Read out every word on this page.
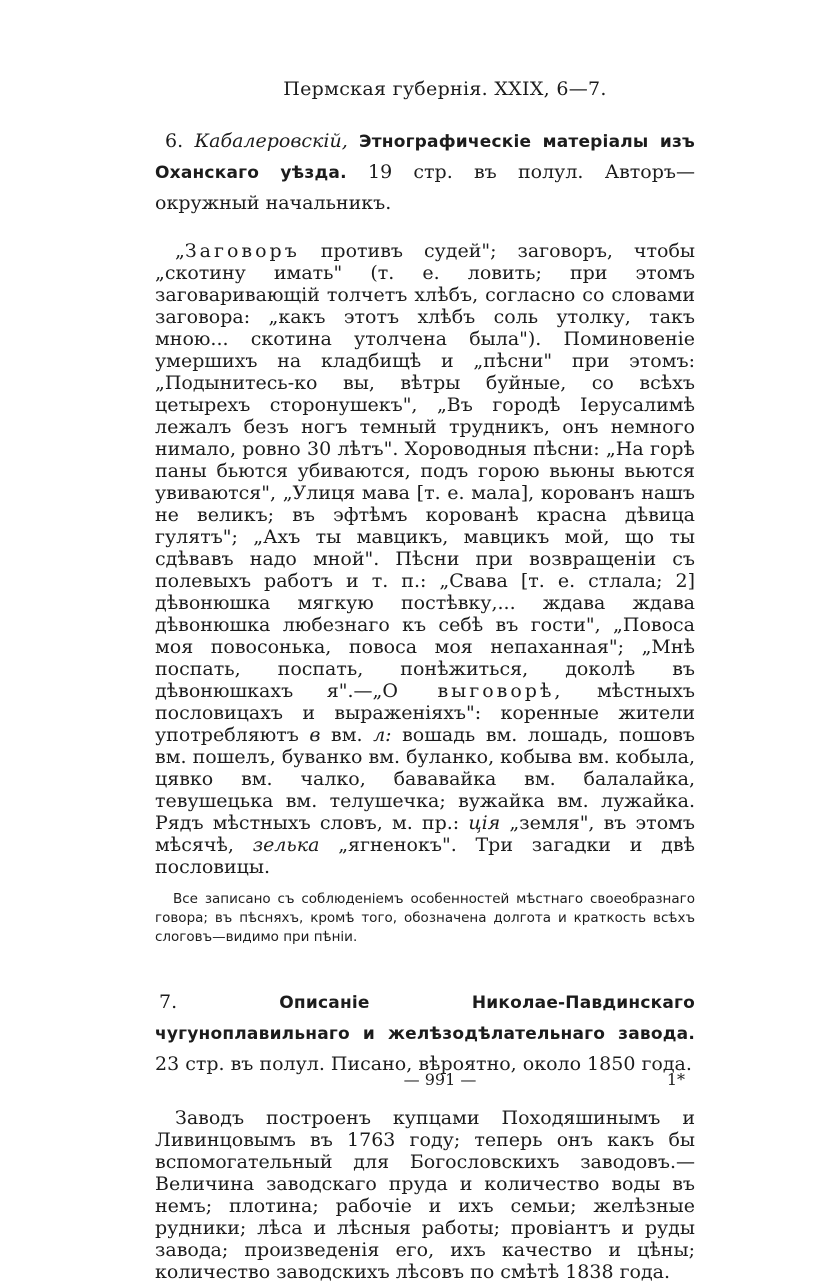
Пермская губернія. XXIX, 6—7.

6. Кабалеровскій, Этнографическіе матеріалы изъ Оханскаго уѣзда. 19 стр. въ полул. Авторъ—окружный начальникъ.

„Заговоръ противъ судей"; заговоръ, чтобы „скотину имать" (т. е. ловить; при этомъ заговаривающій толчетъ хлѣбъ, согласно со словами заговора: „какъ этотъ хлѣбъ соль утолку, такъ мною... скотина утолчена была"). Поминовеніе умершихъ на кладбищѣ и „пѣсни" при этомъ: „Подынитесь-ко вы, вѣтры буйные, со всѣхъ цетырехъ сторонушекъ", „Въ городѣ Іерусалимѣ лежалъ безъ ногъ темный трудникъ, онъ немного нимало, ровно 30 лѣтъ". Хороводныя пѣсни: „На горѣ паны бьются убиваются, подъ горою вьюны вьются увиваются", „Улиця мава [т. е. мала], корованъ нашъ не великъ; въ эфтѣмъ корованѣ красна дѣвица гулятъ"; „Ахъ ты мавцикъ, мавцикъ мой, що ты сдѣвавъ надо мной". Пѣсни при возвращеніи съ полевыхъ работъ и т. п.: „Свава [т. е. стлала; 2] дѣвонюшка мягкую постѣвку,... ждава ждава дѣвонюшка любезнаго къ себѣ въ гости", „Повоса моя повосонька, повоса моя непаханная"; „Мнѣ поспать, поспать, понѣжиться, доколѣ въ дѣвонюшкахъ я".—„О выговорѣ, мѣстныхъ пословицахъ и выраженіяхъ": коренные жители употребляютъ в вм. л: вошадь вм. лошадь, пошовъ вм. пошелъ, буванко вм. буланко, кобыва вм. кобыла, цявко вм. чалко, бававайка вм. балалайка, тевушецька вм. телушечка; вужайка вм. лужайка. Рядъ мѣстныхъ словъ, м. пр.: ція „земля", въ этомъ мѣсячѣ, зелька „ягненокъ". Три загадки и двѣ пословицы.

Все записано съ соблюденіемъ особенностей мѣстнаго своеобразнаго говора; въ пѣсняхъ, кромѣ того, обозначена долгота и краткость всѣхъ слоговъ—видимо при пѣніи.

7.	Описаніе Николае-Павдинскаго чугуноплавильнаго и желѣзодѣлательнаго завода. 23 стр. въ полул. Писано, вѣроятно, около 1850 года.

Заводъ построенъ купцами Походяшинымъ и Ливинцовымъ въ 1763 году; теперь онъ какъ бы вспомогательный для Богословскихъ заводовъ.—Величина заводскаго пруда и количество воды въ немъ; плотина; рабочіе и ихъ семьи; желѣзные рудники; лѣса и лѣсныя работы; провіантъ и руды завода; произведенія его, ихъ качество и цѣны; количество заводскихъ лѣсовъ по смѣтѣ 1838 года.

— 991 —	1*
